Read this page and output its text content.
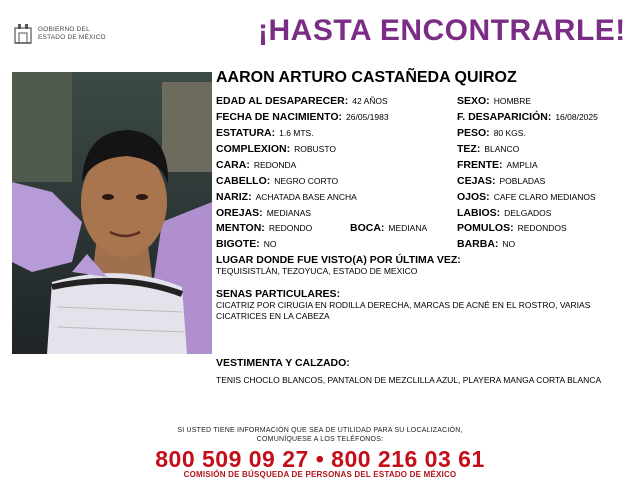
GOBIERNO DEL
ESTADO DE MÉXICO	¡HASTA ENCONTRARLE!
AARON ARTURO CASTAÑEDA QUIROZ
EDAD AL DESAPARECER: 42 AÑOS	SEXO: HOMBRE
FECHA DE NACIMIENTO: 26/05/1983	F. DESAPARICIÓN: 16/08/2025
ESTATURA: 1.6 MTS.	PESO: 80 KGS.
COMPLEXION: ROBUSTO	TEZ: BLANCO
CARA: REDONDA	FRENTE: AMPLIA
CABELLO: NEGRO CORTO	CEJAS: POBLADAS
NARIZ: ACHATADA BASE ANCHA	OJOS: CAFE CLARO MEDIANOS
OREJAS: MEDIANAS	LABIOS: DELGADOS
MENTON: REDONDO	BOCA: MEDIANA	POMULOS: REDONDOS
BIGOTE: NO	BARBA: NO
LUGAR DONDE FUE VISTO(A) POR ÚLTIMA VEZ:
TEQUISISTLÁN, TEZOYUCA, ESTADO DE MEXICO
SENAS PARTICULARES:
CICATRIZ POR CIRUGIA EN RODILLA DERECHA, MARCAS DE ACNÉ EN EL ROSTRO, VARIAS CICATRICES EN LA CABEZA
VESTIMENTA Y CALZADO:
TENIS CHOCLO BLANCOS, PANTALON DE MEZCLILLA AZUL, PLAYERA MANGA CORTA BLANCA
SI USTED TIENE INFORMACIÓN QUE SEA DE UTILIDAD PARA SU LOCALIZACIÓN,
COMUNÍQUESE A LOS TELÉFONOS:
800 509 09 27 • 800 216 03 61
COMISIÓN DE BÚSQUEDA DE PERSONAS DEL ESTADO DE MÉXICO
